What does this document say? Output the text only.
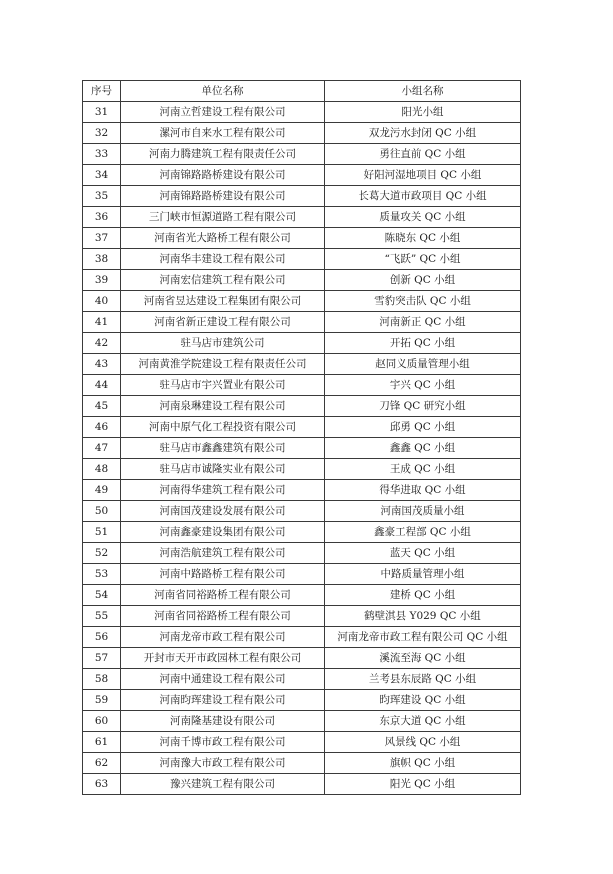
序号	单位名称	小组名称
31	河南立哲建设工程有限公司	阳光小组
32	漯河市自来水工程有限公司	双龙污水封闭 QC 小组
33	河南力腾建筑工程有限责任公司	勇往直前 QC 小组
34	河南锦路路桥建设有限公司	好阳河湿地项目 QC 小组
35	河南锦路路桥建设有限公司	长葛大道市政项目 QC 小组
36	三门峡市恒源道路工程有限公司	质量攻关 QC 小组
37	河南省光大路桥工程有限公司	陈晓东 QC 小组
38	河南华丰建设工程有限公司	“飞跃” QC 小组
39	河南宏信建筑工程有限公司	创新 QC 小组
40	河南省昱达建设工程集团有限公司	雪豹突击队 QC 小组
41	河南省新正建设工程有限公司	河南新正 QC 小组
42	驻马店市建筑公司	开拓 QC 小组
43	河南黄淮学院建设工程有限责任公司	赵同义质量管理小组
44	驻马店市宇兴置业有限公司	宇兴 QC 小组
45	河南泉琳建设工程有限公司	刀锋 QC 研究小组
46	河南中原气化工程投资有限公司	邱勇 QC 小组
47	驻马店市鑫鑫建筑有限公司	鑫鑫 QC 小组
48	驻马店市诚隆实业有限公司	王成 QC 小组
49	河南得华建筑工程有限公司	得华进取 QC 小组
50	河南国茂建设发展有限公司	河南国茂质量小组
51	河南鑫豪建设集团有限公司	鑫豪工程部 QC 小组
52	河南浩航建筑工程有限公司	蓝天 QC 小组
53	河南中路路桥工程有限公司	中路质量管理小组
54	河南省同裕路桥工程有限公司	建桥 QC 小组
55	河南省同裕路桥工程有限公司	鹤壁淇县 Y029 QC 小组
56	河南龙帝市政工程有限公司	河南龙帝市政工程有限公司 QC 小组
57	开封市天开市政园林工程有限公司	溪流至海 QC 小组
58	河南中通建设工程有限公司	兰考县东辰路 QC 小组
59	河南昀珲建设工程有限公司	昀珲建设 QC 小组
60	河南隆基建设有限公司	东京大道 QC 小组
61	河南千博市政工程有限公司	风景线 QC 小组
62	河南豫大市政工程有限公司	旗帜 QC 小组
63	豫兴建筑工程有限公司	阳光 QC 小组
